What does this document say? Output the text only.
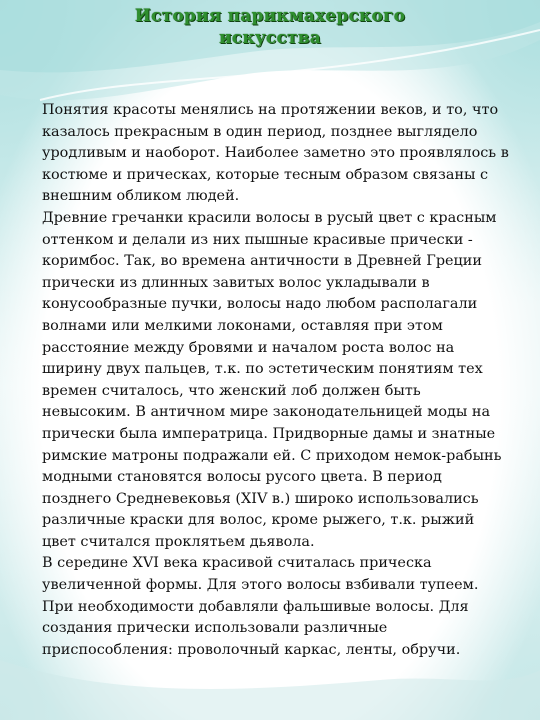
История парикмахерского
искусства

Понятия красоты менялись на протяжении веков, и то, что казалось прекрасным в один период, позднее выглядело уродливым и наоборот. Наиболее заметно это проявлялось в костюме и прическах, которые тесным образом связаны с внешним обликом людей.

Древние гречанки красили волосы в русый цвет с красным оттенком и делали из них пышные красивые прически - коримбос. Так, во времена античности в Древней Греции прически из длинных завитых волос укладывали в конусообразные пучки, волосы надо любом располагали волнами или мелкими локонами, оставляя при этом расстояние между бровями и началом роста волос на ширину двух пальцев, т.к. по эстетическим понятиям тех времен считалось, что женский лоб должен быть невысоким. В античном мире законодательницей моды на прически была императрица. Придворные дамы и знатные римские матроны подражали ей. С приходом немок-рабынь модными становятся волосы русого цвета. В период позднего Средневековья (XIV в.) широко использовались различные краски для волос, кроме рыжего, т.к. рыжий цвет считался проклятьем дьявола.

В середине XVI века красивой считалась прическа увеличенной формы. Для этого волосы взбивали тупеем. При необходимости добавляли фальшивые волосы. Для создания прически использовали различные приспособления: проволочный каркас, ленты, обручи.
